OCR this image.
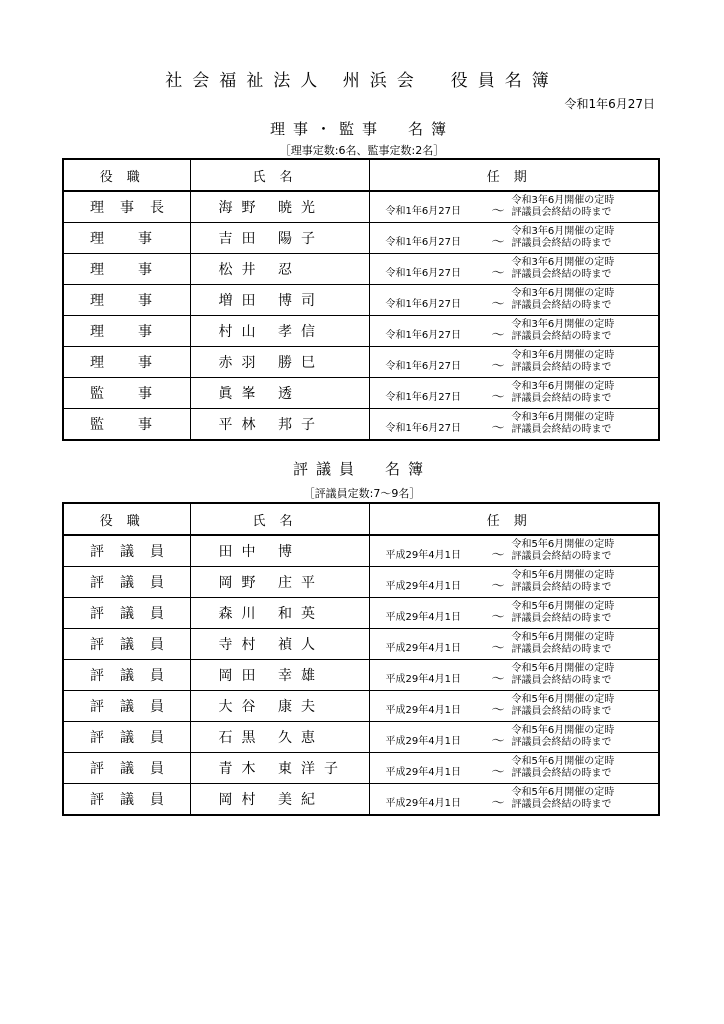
社会福祉法人 州浜会　役員名簿
令和1年6月27日
理事・監事　名簿
［理事定数:6名、監事定数:2名］
役職	氏名	任期
理事長	海野 暁光	令和1年6月27日 ～
令和3年6月開催の定時
評議員会終結の時まで

理事	吉田 陽子	令和1年6月27日 ～
令和3年6月開催の定時
評議員会終結の時まで

理事	松井 忍	令和1年6月27日 ～
令和3年6月開催の定時
評議員会終結の時まで

理事	増田 博司	令和1年6月27日 ～
令和3年6月開催の定時
評議員会終結の時まで

理事	村山 孝信	令和1年6月27日 ～
令和3年6月開催の定時
評議員会終結の時まで

理事	赤羽 勝巳	令和1年6月27日 ～
令和3年6月開催の定時
評議員会終結の時まで

監事	眞峯 透	令和1年6月27日 ～
令和3年6月開催の定時
評議員会終結の時まで

監事	平林 邦子	令和1年6月27日 ～
令和3年6月開催の定時
評議員会終結の時まで
評議員　名簿
［評議員定数:7～9名］
役職	氏名	任期
評議員	田中 博	平成29年4月1日 ～
令和5年6月開催の定時
評議員会終結の時まで

評議員	岡野 庄平	平成29年4月1日 ～
令和5年6月開催の定時
評議員会終結の時まで

評議員	森川 和英	平成29年4月1日 ～
令和5年6月開催の定時
評議員会終結の時まで

評議員	寺村 禎人	平成29年4月1日 ～
令和5年6月開催の定時
評議員会終結の時まで

評議員	岡田 幸雄	平成29年4月1日 ～
令和5年6月開催の定時
評議員会終結の時まで

評議員	大谷 康夫	平成29年4月1日 ～
令和5年6月開催の定時
評議員会終結の時まで

評議員	石黒 久恵	平成29年4月1日 ～
令和5年6月開催の定時
評議員会終結の時まで

評議員	青木 東洋子	平成29年4月1日 ～
令和5年6月開催の定時
評議員会終結の時まで

評議員	岡村 美紀	平成29年4月1日 ～
令和5年6月開催の定時
評議員会終結の時まで
